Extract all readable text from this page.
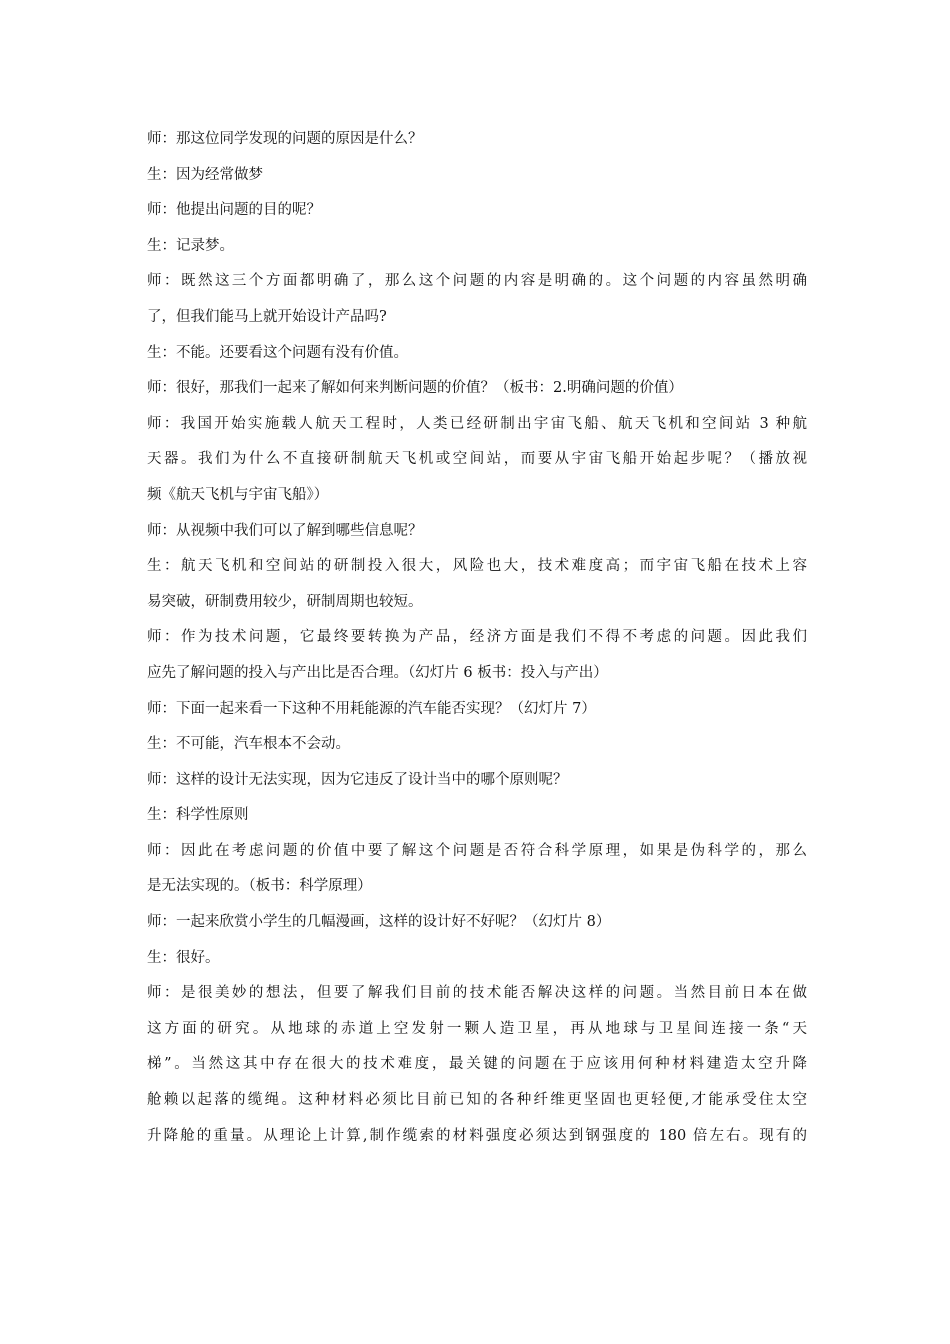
师：那这位同学发现的问题的原因是什么？
生：因为经常做梦
师：他提出问题的目的呢？
生：记录梦。
师：既然这三个方面都明确了，那么这个问题的内容是明确的。这个问题的内容虽然明确
了，但我们能马上就开始设计产品吗?
生：不能。还要看这个问题有没有价值。
师：很好，那我们一起来了解如何来判断问题的价值？（板书：2.明确问题的价值）
师：我国开始实施载人航天工程时，人类已经研制出宇宙飞船、航天飞机和空间站 3 种航
天器。我们为什么不直接研制航天飞机或空间站，而要从宇宙飞船开始起步呢？（播放视
频《航天飞机与宇宙飞船》）
师：从视频中我们可以了解到哪些信息呢？
生：航天飞机和空间站的研制投入很大，风险也大，技术难度高；而宇宙飞船在技术上容
易突破，研制费用较少，研制周期也较短。
师：作为技术问题，它最终要转换为产品，经济方面是我们不得不考虑的问题。因此我们
应先了解问题的投入与产出比是否合理。（幻灯片 6 板书：投入与产出）
师：下面一起来看一下这种不用耗能源的汽车能否实现？（幻灯片 7）
生：不可能，汽车根本不会动。
师：这样的设计无法实现，因为它违反了设计当中的哪个原则呢？
生：科学性原则
师：因此在考虑问题的价值中要了解这个问题是否符合科学原理，如果是伪科学的，那么
是无法实现的。（板书：科学原理）
师：一起来欣赏小学生的几幅漫画，这样的设计好不好呢？（幻灯片 8）
生：很好。
师：是很美妙的想法，但要了解我们目前的技术能否解决这样的问题。当然目前日本在做
这方面的研究。从地球的赤道上空发射一颗人造卫星，再从地球与卫星间连接一条“天
梯”。当然这其中存在很大的技术难度，最关键的问题在于应该用何种材料建造太空升降
舱赖以起落的缆绳。这种材料必须比目前已知的各种纤维更坚固也更轻便,才能承受住太空
升降舱的重量。从理论上计算,制作缆索的材料强度必须达到钢强度的 180 倍左右。现有的
